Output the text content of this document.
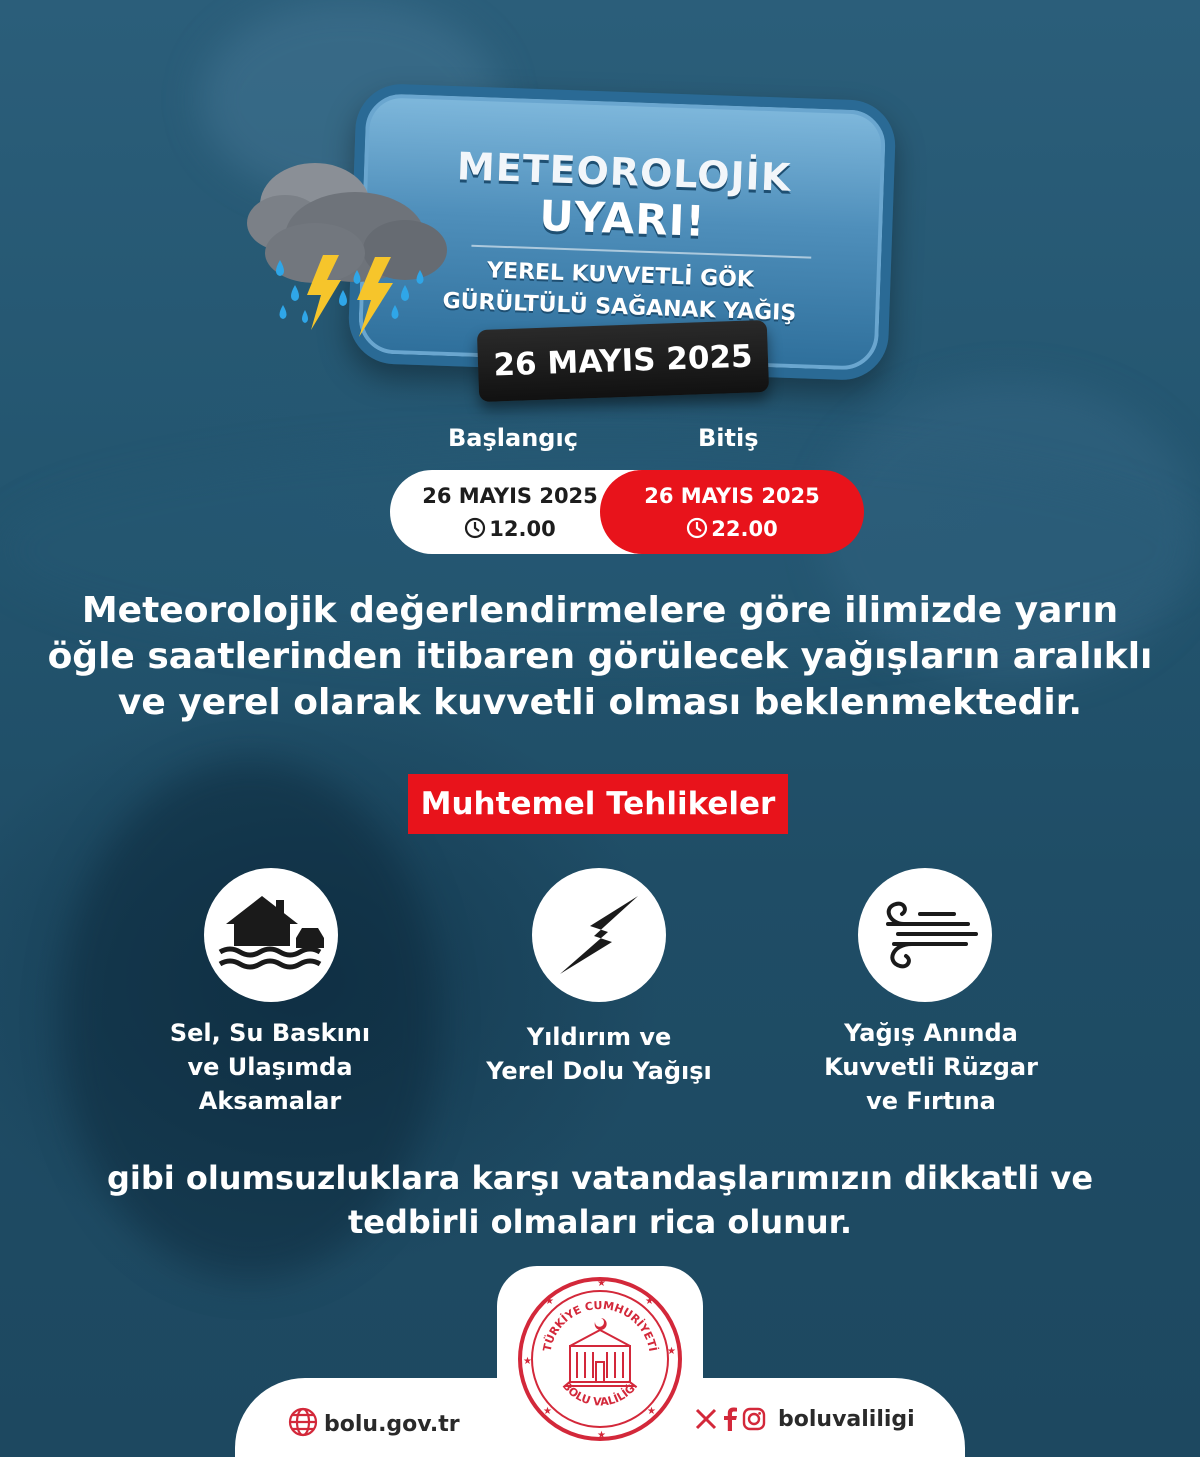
METEOROLOJİK
UYARI!
YEREL KUVVETLİ GÖK
GÜRÜLTÜLÜ SAĞANAK YAĞIŞ
26 MAYIS 2025
Başlangıç	Bitiş
26 MAYIS 2025
12.00
26 MAYIS 2025
22.00
Meteorolojik değerlendirmelere göre ilimizde yarın
öğle saatlerinden itibaren görülecek yağışların aralıklı
ve yerel olarak kuvvetli olması beklenmektedir.
Muhtemel Tehlikeler
Sel, Su Baskını
ve Ulaşımda
Aksamalar
Yıldırım ve
Yerel Dolu Yağışı
Yağış Anında
Kuvvetli Rüzgar
ve Fırtına
gibi olumsuzluklara karşı vatandaşlarımızın dikkatli ve
tedbirli olmaları rica olunur.
★
★
★
★
★
★
★
★
TÜRKİYE CUMHURİYETİ
BOLU VALİLİĞİ
bolu.gov.tr	boluvaliligi
